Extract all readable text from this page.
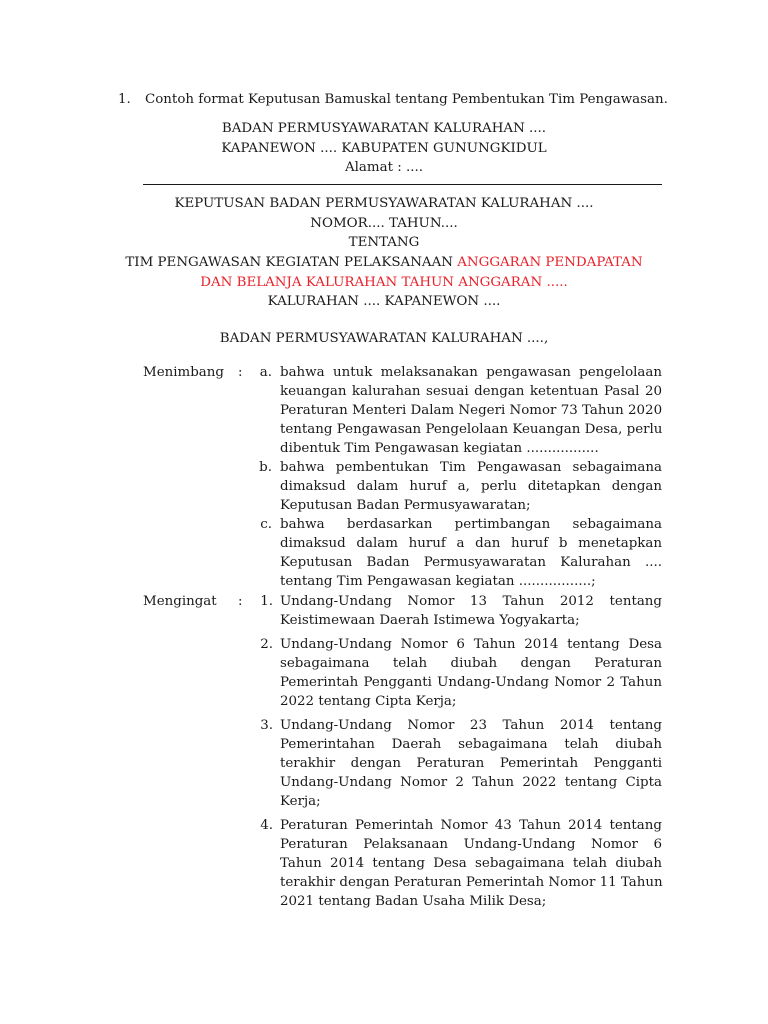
1. Contoh format Keputusan Bamuskal tentang Pembentukan Tim Pengawasan.
BADAN PERMUSYAWARATAN KALURAHAN ....
KAPANEWON .... KABUPATEN GUNUNGKIDUL
Alamat : ....
KEPUTUSAN BADAN PERMUSYAWARATAN KALURAHAN ....
NOMOR.... TAHUN....
TENTANG
TIM PENGAWASAN KEGIATAN PELAKSANAAN ANGGARAN PENDAPATAN
DAN BELANJA KALURAHAN TAHUN ANGGARAN .....
KALURAHAN .... KAPANEWON ....
BADAN PERMUSYAWARATAN KALURAHAN ....,
Menimbang :	a. bahwa untuk melaksanakan pengawasan pengelolaan
keuangan kalurahan sesuai dengan ketentuan Pasal 20
Peraturan Menteri Dalam Negeri Nomor 73 Tahun 2020
tentang Pengawasan Pengelolaan Keuangan Desa, perlu
dibentuk Tim Pengawasan kegiatan .................
b. bahwa pembentukan Tim Pengawasan sebagaimana
dimaksud dalam huruf a, perlu ditetapkan dengan
Keputusan Badan Permusyawaratan;
c. bahwa berdasarkan pertimbangan sebagaimana
dimaksud dalam huruf a dan huruf b menetapkan
Keputusan Badan Permusyawaratan Kalurahan ....
tentang Tim Pengawasan kegiatan .................;
Mengingat :	1. Undang-Undang Nomor 13 Tahun 2012 tentang
Keistimewaan Daerah Istimewa Yogyakarta;
2. Undang-Undang Nomor 6 Tahun 2014 tentang Desa
sebagaimana telah diubah dengan Peraturan
Pemerintah Pengganti Undang-Undang Nomor 2 Tahun
2022 tentang Cipta Kerja;
3. Undang-Undang Nomor 23 Tahun 2014 tentang
Pemerintahan Daerah sebagaimana telah diubah
terakhir dengan Peraturan Pemerintah Pengganti
Undang-Undang Nomor 2 Tahun 2022 tentang Cipta
Kerja;
4. Peraturan Pemerintah Nomor 43 Tahun 2014 tentang
Peraturan Pelaksanaan Undang-Undang Nomor 6
Tahun 2014 tentang Desa sebagaimana telah diubah
terakhir dengan Peraturan Pemerintah Nomor 11 Tahun
2021 tentang Badan Usaha Milik Desa;
